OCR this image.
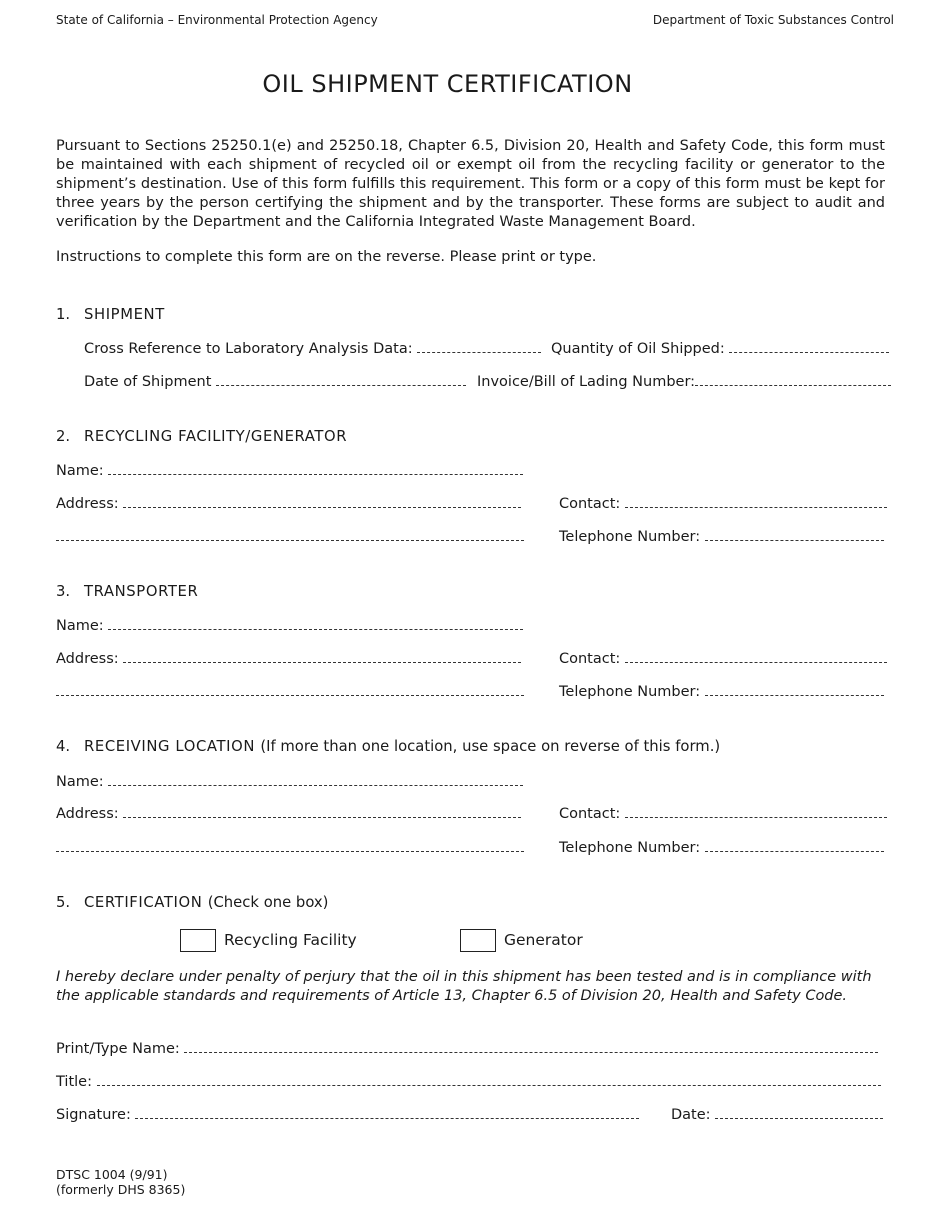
State of California – Environmental Protection Agency	Department of Toxic Substances Control
OIL SHIPMENT CERTIFICATION
Pursuant to Sections 25250.1(e) and 25250.18, Chapter 6.5, Division 20, Health and Safety Code, this form must be maintained with each shipment of recycled oil or exempt oil from the recycling facility or generator to the shipment’s destination. Use of this form fulfills this requirement. This form or a copy of this form must be kept for three years by the person certifying the shipment and by the transporter. These forms are subject to audit and verification by the Department and the California Integrated Waste Management Board.
Instructions to complete this form are on the reverse. Please print or type.
1. SHIPMENT
Cross Reference to Laboratory Analysis Data:	Quantity of Oil Shipped:
Date of Shipment	Invoice/Bill of Lading Number:
2. RECYCLING FACILITY/GENERATOR
Name:
Address:	Contact:
Telephone Number:
3. TRANSPORTER
Name:
Address:	Contact:
Telephone Number:
4. RECEIVING LOCATION (If more than one location, use space on reverse of this form.)
Name:
Address:	Contact:
Telephone Number:
5. CERTIFICATION (Check one box)
Recycling Facility	Generator
I hereby declare under penalty of perjury that the oil in this shipment has been tested and is in compliance with the applicable standards and requirements of Article 13, Chapter 6.5 of Division 20, Health and Safety Code.
Print/Type Name:
Title:
Signature:	Date:
DTSC 1004 (9/91)
(formerly DHS 8365)
